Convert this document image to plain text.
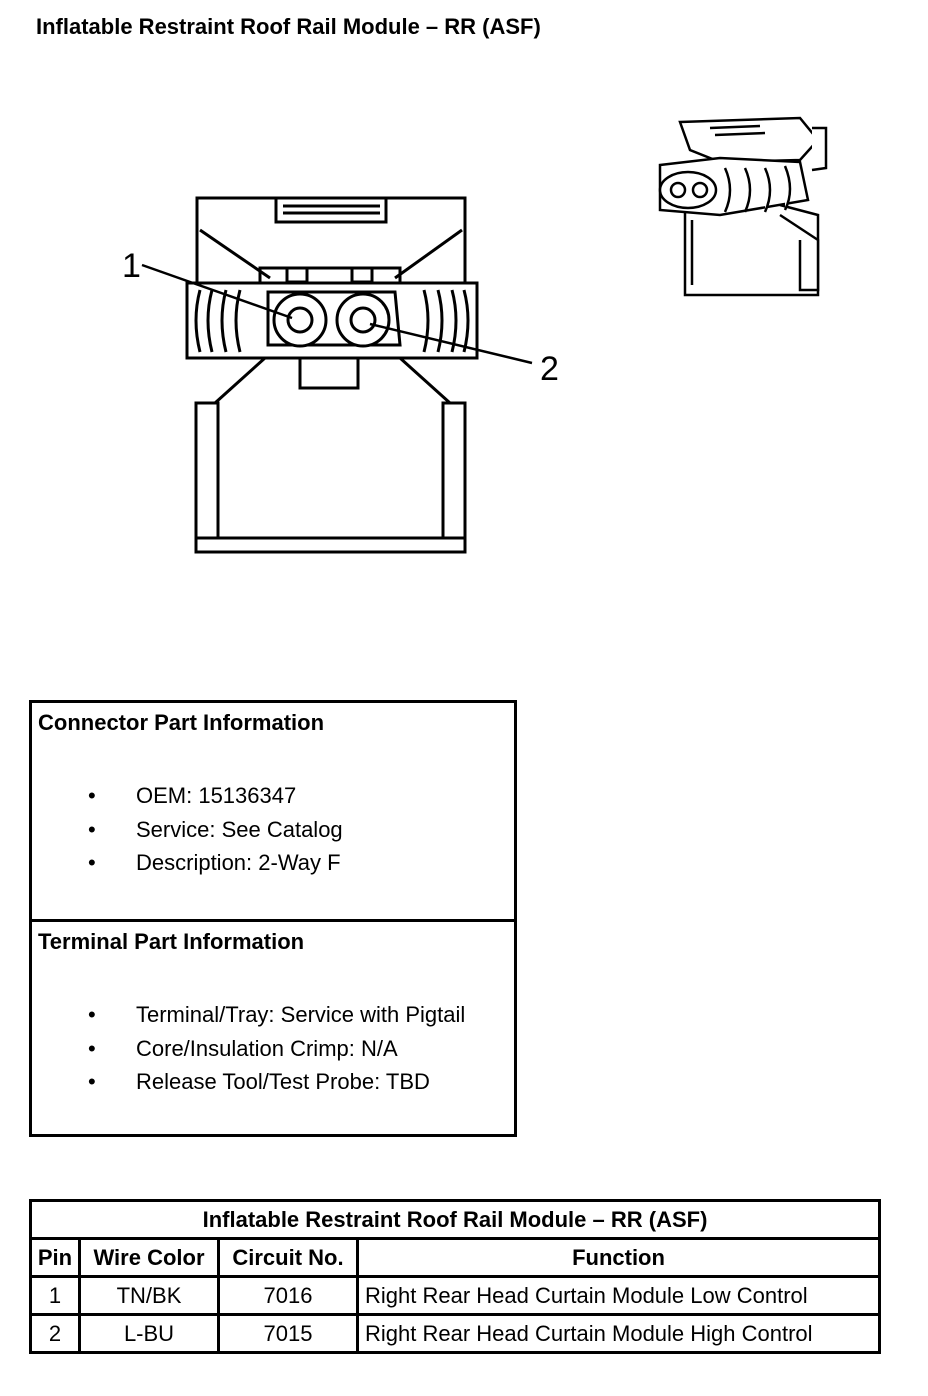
Inflatable Restraint Roof Rail Module – RR (ASF)
1
2
Connector Part Information
• OEM: 15136347
• Service: See Catalog
• Description: 2-Way F
Terminal Part Information
• Terminal/Tray: Service with Pigtail
• Core/Insulation Crimp: N/A
• Release Tool/Test Probe: TBD
Inflatable Restraint Roof Rail Module – RR (ASF)			
Pin	Wire Color	Circuit No.	Function
1	TN/BK	7016	Right Rear Head Curtain Module Low Control
2	L-BU	7015	Right Rear Head Curtain Module High Control
